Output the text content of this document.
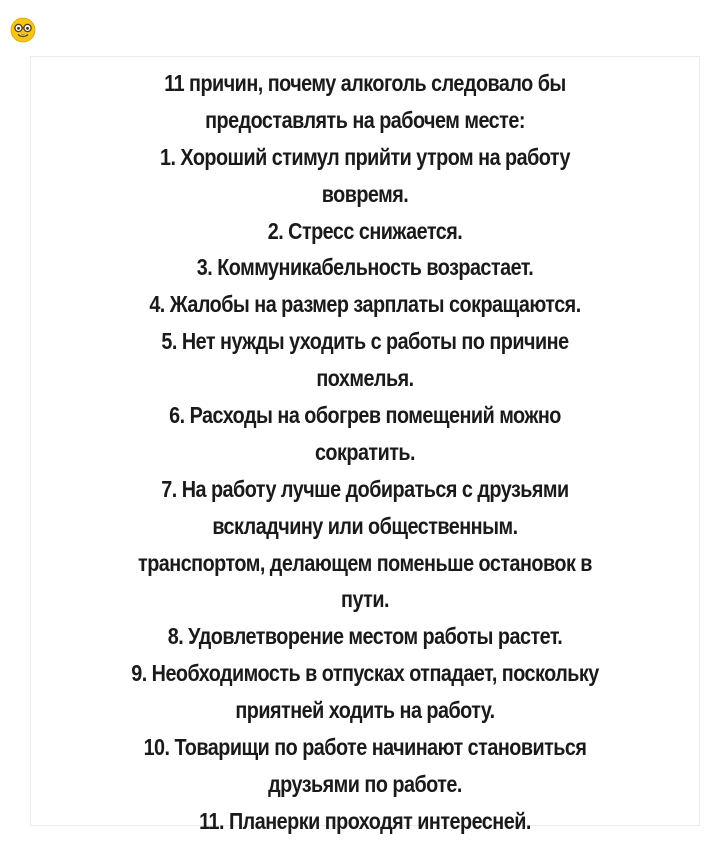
11 причин, почему алкоголь следовало бы
предоставлять на рабочем месте:
1. Хороший стимул прийти утром на работу
вовремя.
2. Стресс снижается.
3. Коммуникабельность возрастает.
4. Жалобы на размер зарплаты сокращаются.
5. Нет нужды уходить с работы по причине
похмелья.
6. Расходы на обогрев помещений можно
сократить.
7. На работу лучше добираться с друзьями
вскладчину или общественным.
транспортом, делающем поменьше остановок в
пути.
8. Удовлетворение местом работы растет.
9. Необходимость в отпусках отпадает, поскольку
приятней ходить на работу.
10. Товарищи по работе начинают становиться
друзьями по работе.
11. Планерки проходят интересней.
